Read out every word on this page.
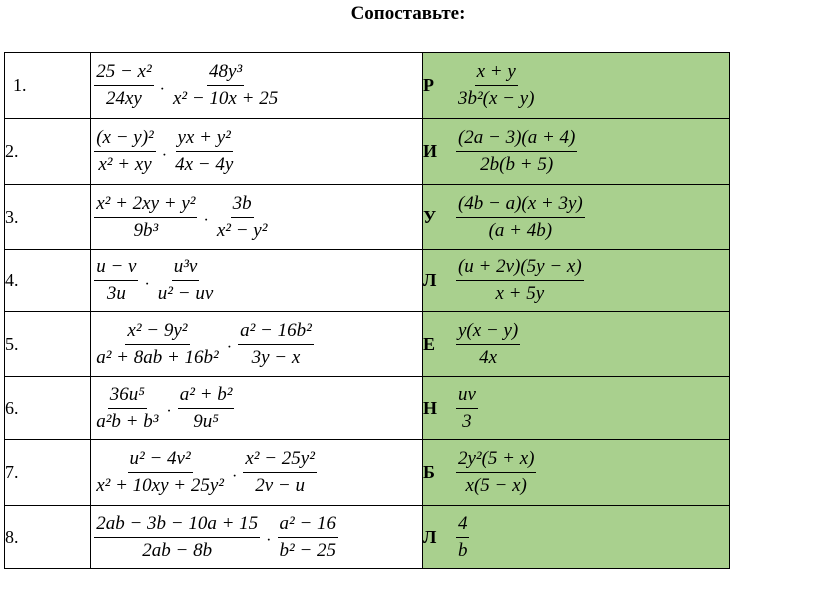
Сопоставьте:
1.	$\frac{\text{25 − x²}}{24xy} \cdot \frac{\text{48y³}}{\text{x² − 10x + 25}}$	Р $\frac{x + y}{\text{3b²(x − y)}}$

2.	$\frac{\text{(x − y)²}}{\text{x² + xy}} \cdot \frac{\text{yx + y²}}{4x - 4y}$	И $\frac{(2a - 3)(a + 4)}{2b(b + 5)}$

3.	$\frac{\text{x² + 2xy + y²}}{\text{9b³}} \cdot \frac{3b}{\text{x² − y²}}$	У $\frac{(4b - a)(x + 3y)}{(a + 4b)}$

4.	$\frac{u - v}{3u} \cdot \frac{\text{u³v}}{\text{u² − uv}}$	Л $\frac{(u + 2v)(5y - x)}{x + 5y}$

5.	$\frac{\text{x² − 9y²}}{\text{a² + 8ab + 16b²}} \cdot \frac{\text{a² − 16b²}}{3y - x}$	Е $\frac{y(x - y)}{4x}$

6.	$\frac{\text{36u⁵}}{\text{a²b + b³}} \cdot \frac{\text{a² + b²}}{\text{9u⁵}}$	Н $\frac{uv}{3}$

7.	$\frac{\text{u² − 4v²}}{\text{x² + 10xy + 25y²}} \cdot \frac{\text{x² − 25y²}}{2v - u}$	Б $\frac{\text{2y²(5 + x)}}{x(5 - x)}$

8.	$\frac{2ab - 3b - 10a + 15}{2ab - 8b} \cdot \frac{\text{a² − 16}}{\text{b² − 25}}$	Л $\frac{4}{b}$
